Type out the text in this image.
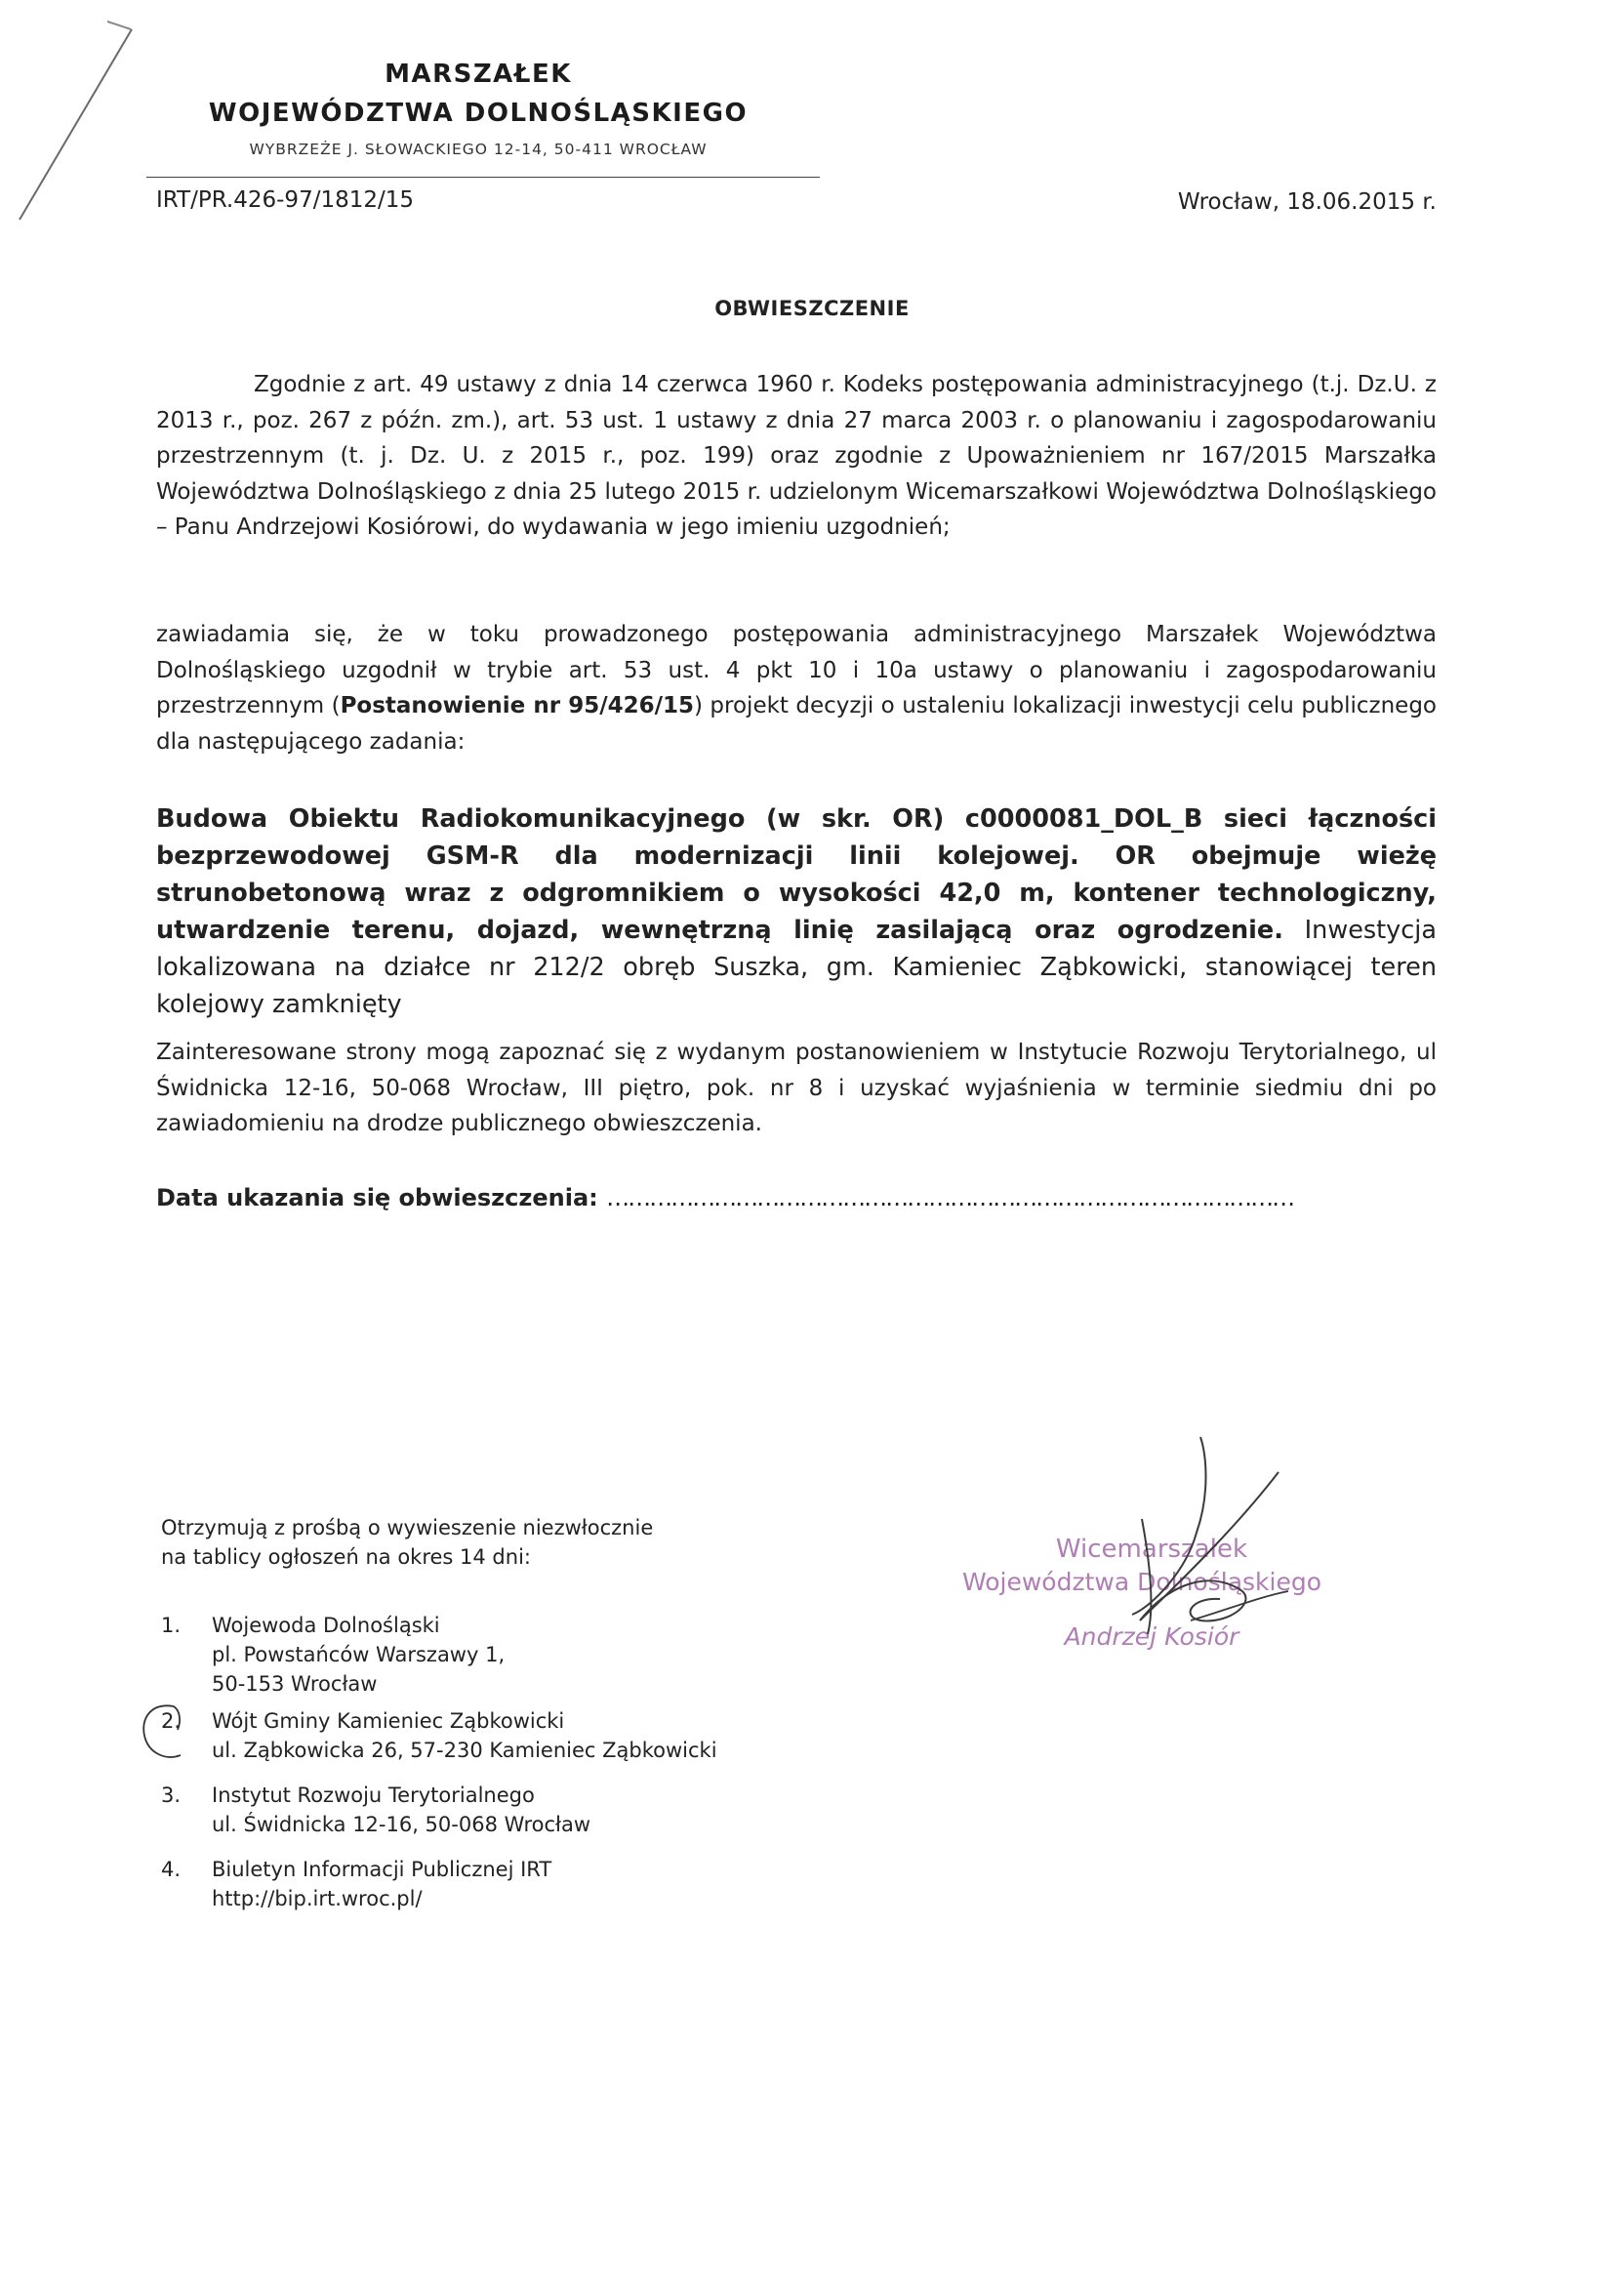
MARSZAŁEK
WOJEWÓDZTWA DOLNOŚLĄSKIEGO
WYBRZEŻE J. SŁOWACKIEGO 12-14, 50-411 WROCŁAW
IRT/PR.426-97/1812/15	Wrocław, 18.06.2015 r.
OBWIESZCZENIE

Zgodnie z art. 49 ustawy z dnia 14 czerwca 1960 r. Kodeks postępowania administracyjnego (t.j. Dz.U. z 2013 r., poz. 267 z późn. zm.), art. 53 ust. 1 ustawy z dnia 27 marca 2003 r. o planowaniu i zagospodarowaniu przestrzennym (t. j. Dz. U. z 2015 r., poz. 199) oraz zgodnie z Upoważnieniem nr 167/2015 Marszałka Województwa Dolnośląskiego z dnia 25 lutego 2015 r. udzielonym Wicemarszałkowi Województwa Dolnośląskiego – Panu Andrzejowi Kosiórowi, do wydawania w jego imieniu uzgodnień;

zawiadamia się, że w toku prowadzonego postępowania administracyjnego Marszałek Województwa Dolnośląskiego uzgodnił w trybie art. 53 ust. 4 pkt 10 i 10a ustawy o planowaniu i zagospodarowaniu przestrzennym (Postanowienie nr 95/426/15) projekt decyzji o ustaleniu lokalizacji inwestycji celu publicznego dla następującego zadania:

Budowa Obiektu Radiokomunikacyjnego (w skr. OR) c0000081_DOL_B sieci łączności bezprzewodowej GSM-R dla modernizacji linii kolejowej. OR obejmuje wieżę strunobetonową wraz z odgromnikiem o wysokości 42,0 m, kontener technologiczny, utwardzenie terenu, dojazd, wewnętrzną linię zasilającą oraz ogrodzenie. Inwestycja lokalizowana na działce nr 212/2 obręb Suszka, gm. Kamieniec Ząbkowicki, stanowiącej teren kolejowy zamknięty

Zainteresowane strony mogą zapoznać się z wydanym postanowieniem w Instytucie Rozwoju Terytorialnego, ul Świdnicka 12-16, 50-068 Wrocław, III piętro, pok. nr 8 i uzyskać wyjaśnienia w terminie siedmiu dni po zawiadomieniu na drodze publicznego obwieszczenia.

Data ukazania się obwieszczenia: ……………………………………………………………………………………
Otrzymują z prośbą o wywieszenie niezwłocznie
na tablicy ogłoszeń na okres 14 dni:
1. Wojewoda Dolnośląski
pl. Powstańców Warszawy 1,
50-153 Wrocław
2. Wójt Gminy Kamieniec Ząbkowicki
ul. Ząbkowicka 26, 57-230 Kamieniec Ząbkowicki
3. Instytut Rozwoju Terytorialnego
ul. Świdnicka 12-16, 50-068 Wrocław
4. Biuletyn Informacji Publicznej IRT
http://bip.irt.wroc.pl/
Wicemarszałek
Województwa Dolnośląskiego
Andrzej Kosiór
